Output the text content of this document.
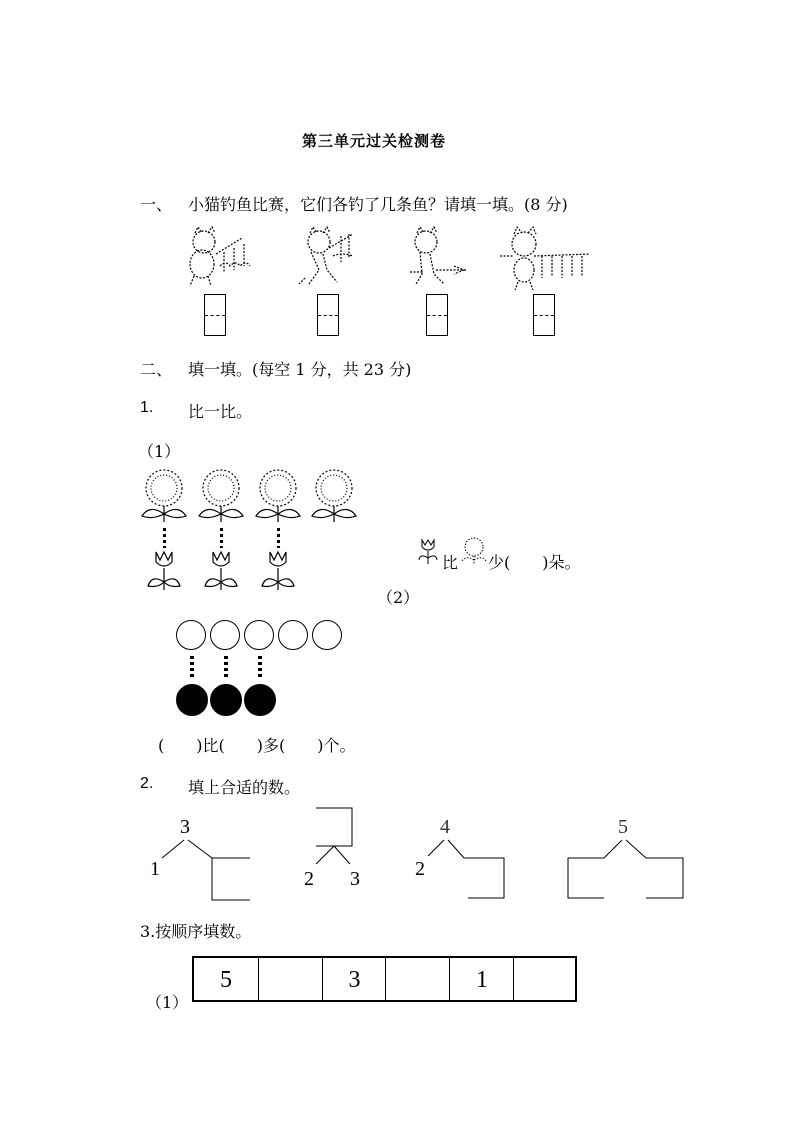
第三单元过关检测卷
一、 小猫钓鱼比赛，它们各钓了几条鱼？请填一填。(8 分)
二、 填一填。(每空 1 分，共 23 分)
1. 比一比。
（1）
比 少(　　)朵。
（2）
(　　)比(　　)多(　　)个。
2. 填上合适的数。
3
1	2 3
4
2
5
3.按顺序填数。
（1）
5	3	1
